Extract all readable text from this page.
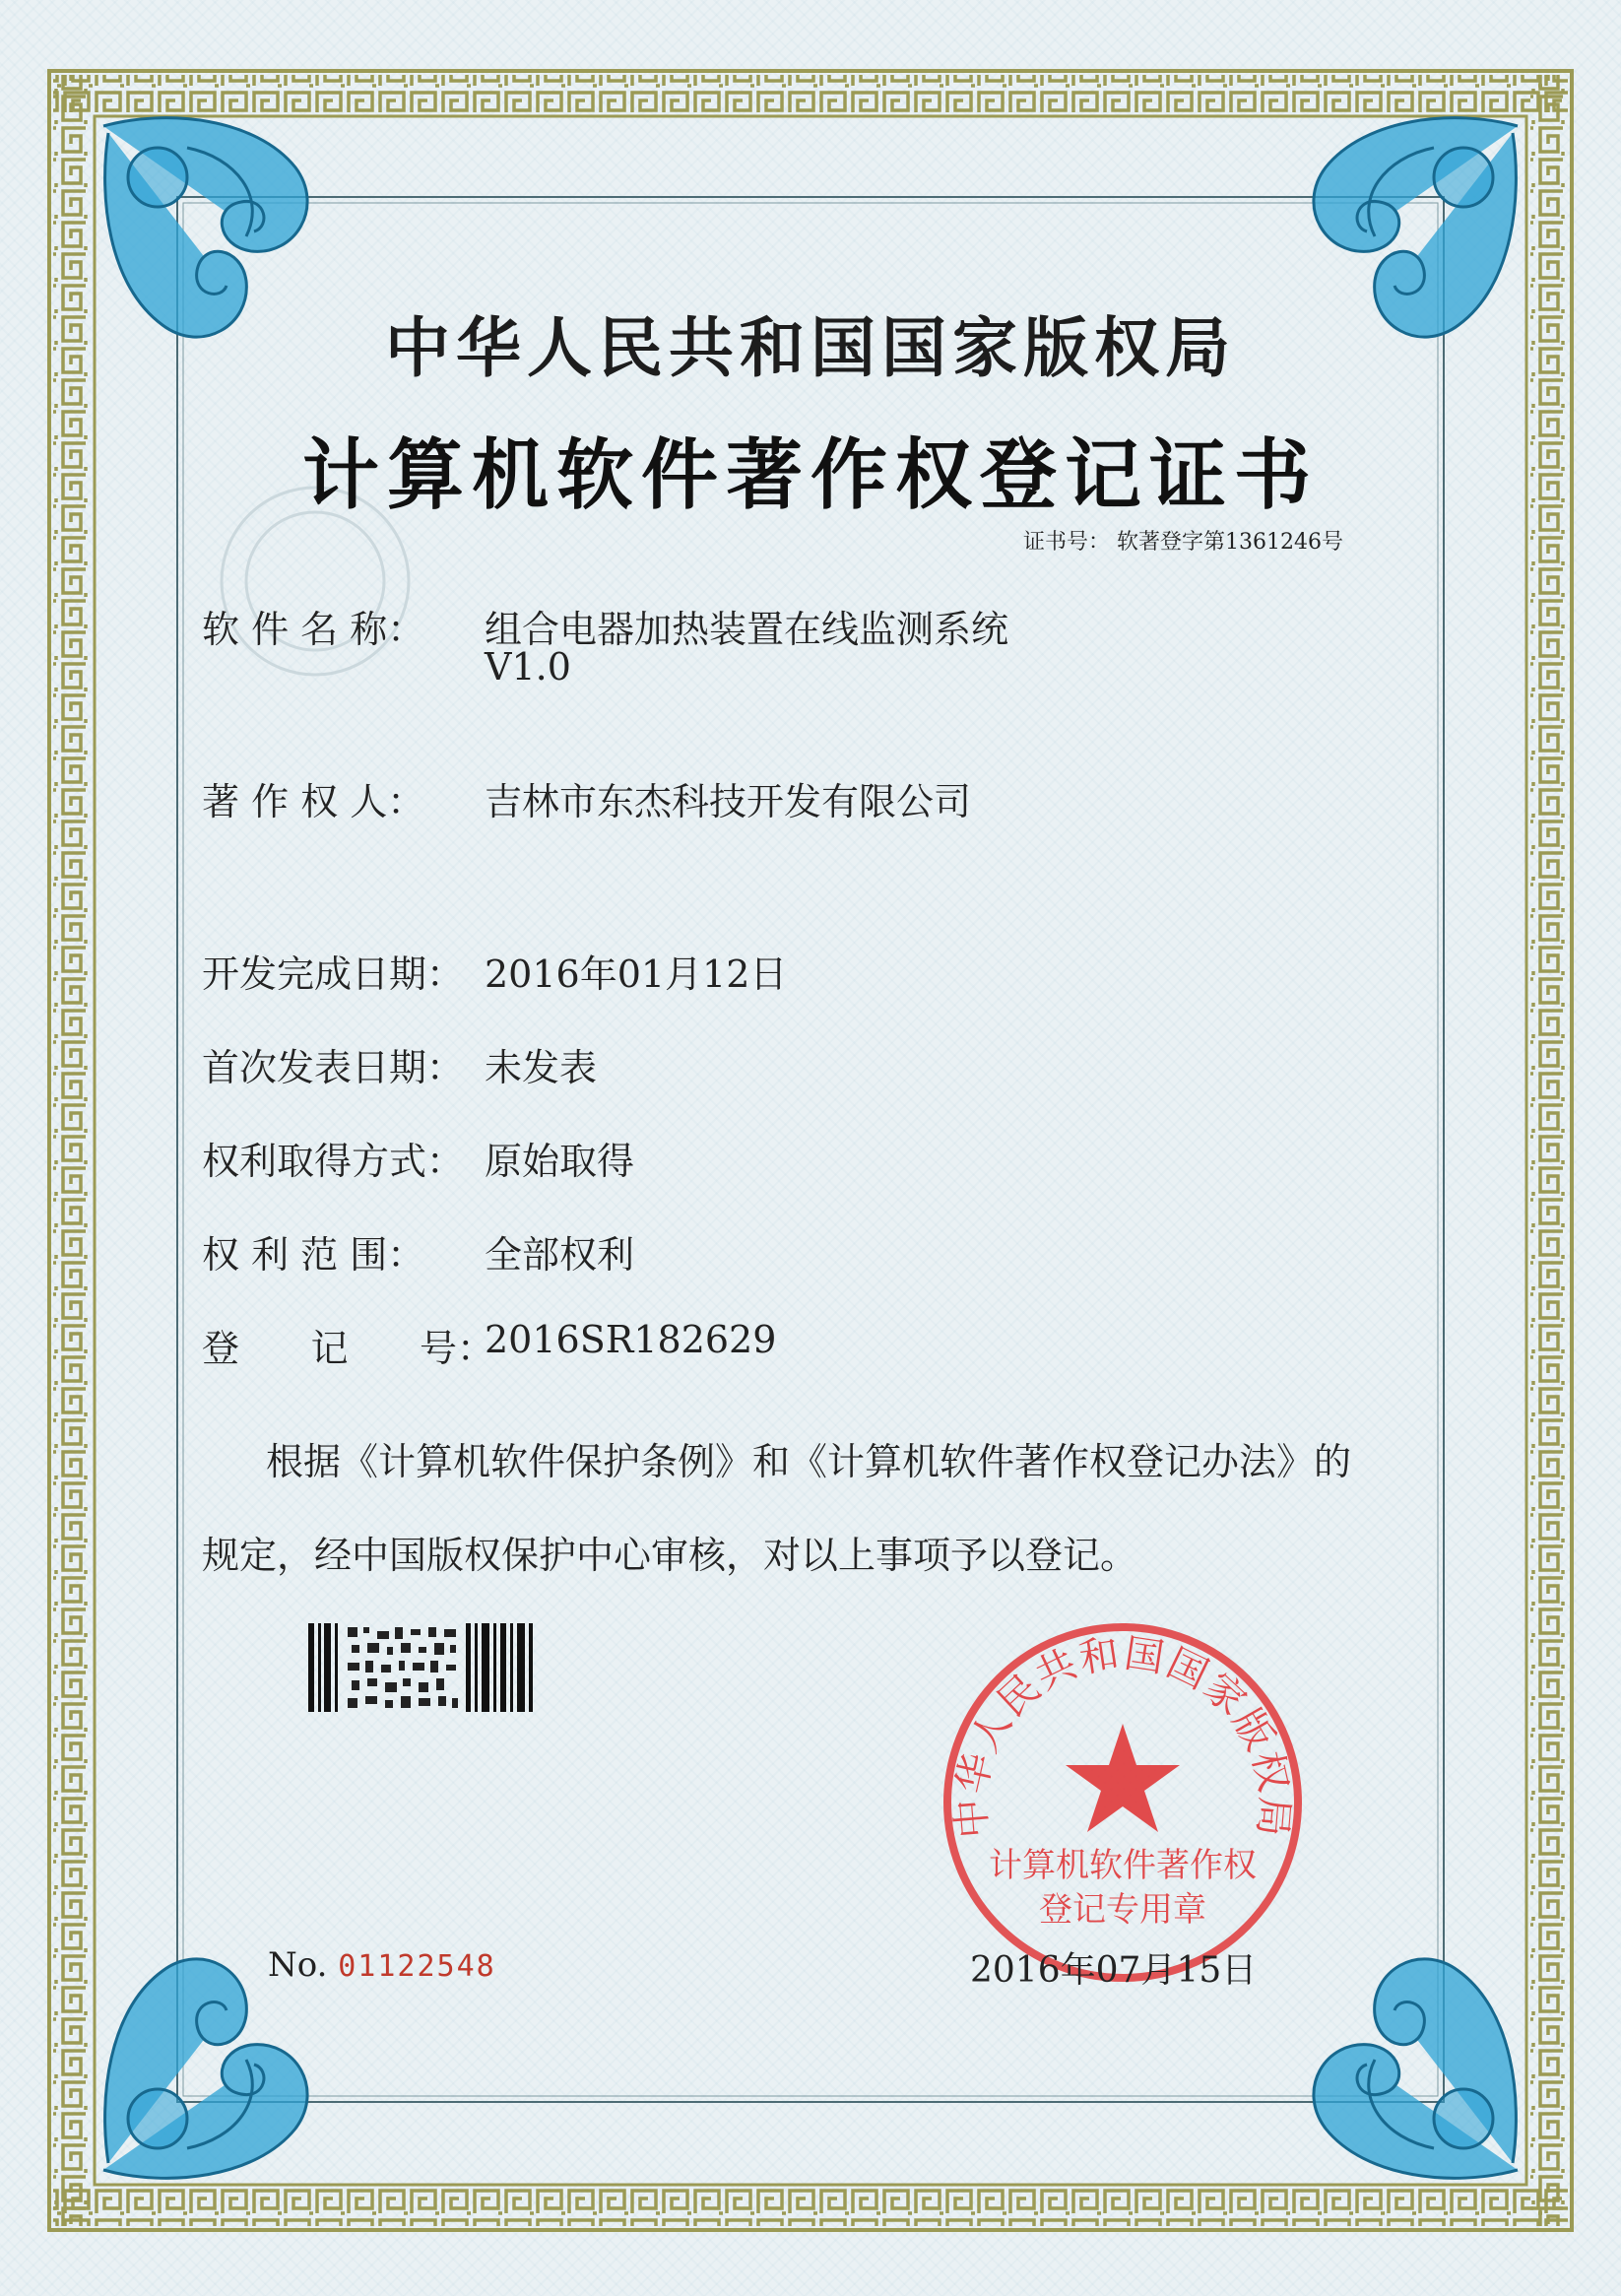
中华人民共和国国家版权局
计算机软件著作权登记证书
证书号： 软著登字第1361246号
软 件 名 称： 组合电器加热装置在线监测系统
V1.0
著 作 权 人： 吉林市东杰科技开发有限公司
开发完成日期： 2016年01月12日
首次发表日期： 未发表
权利取得方式： 原始取得
权 利 范 围： 全部权利
登      记      号：
2016SR182629
根据《计算机软件保护条例》和《计算机软件著作权登记办法》的
规定，经中国版权保护中心审核，对以上事项予以登记。
中华人民共和国国家版权局
计算机软件著作权
登记专用章
No. 01122548	2016年07月15日
